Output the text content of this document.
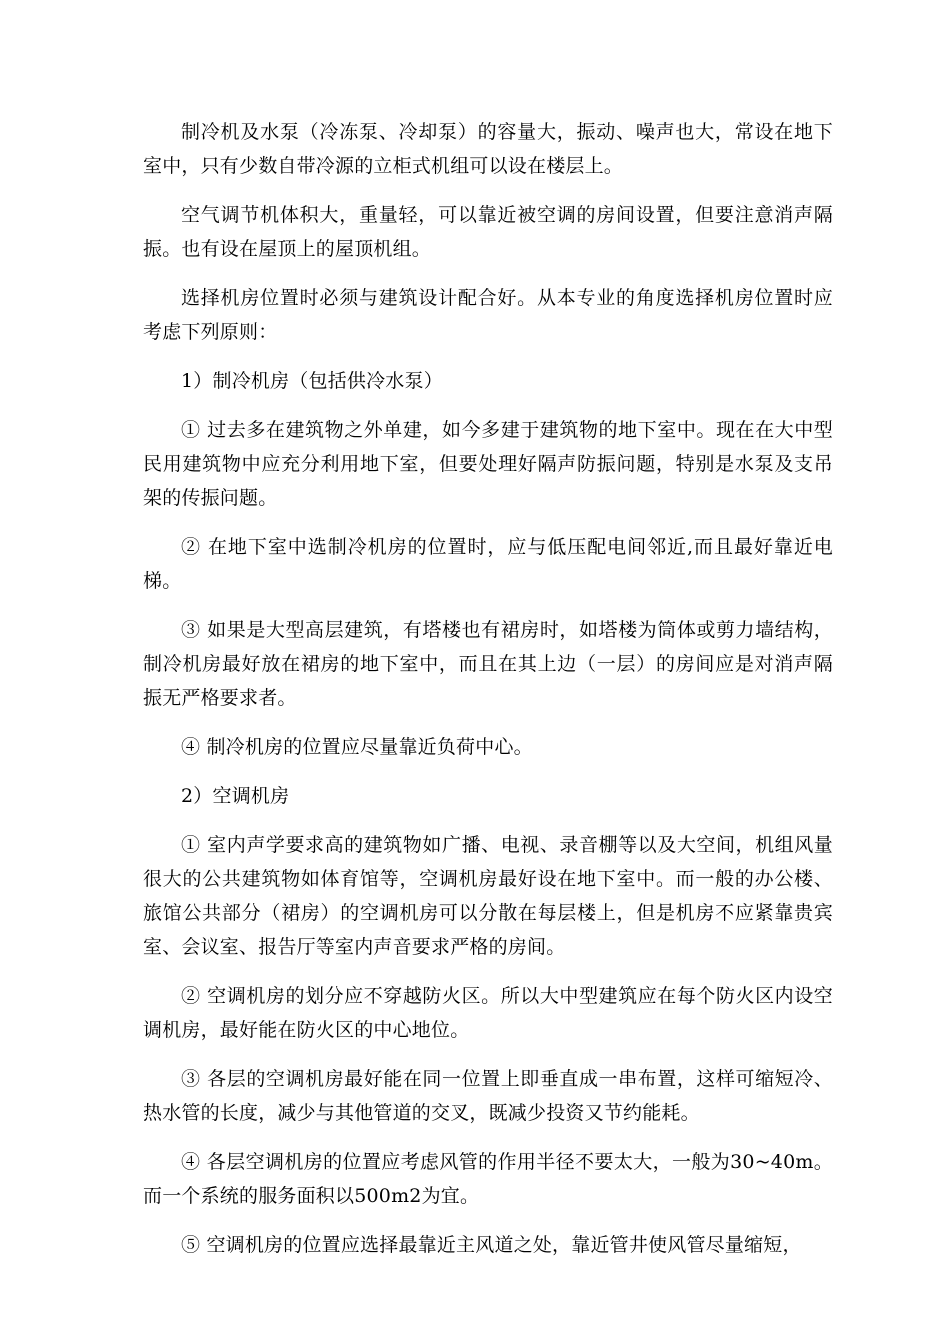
制冷机及水泵（冷冻泵、冷却泵）的容量大，振动、噪声也大，常设在地下室中，只有少数自带冷源的立柜式机组可以设在楼层上。

空气调节机体积大，重量轻，可以靠近被空调的房间设置，但要注意消声隔振。也有设在屋顶上的屋顶机组。

选择机房位置时必须与建筑设计配合好。从本专业的角度选择机房位置时应考虑下列原则：

1）制冷机房（包括供冷水泵）

① 过去多在建筑物之外单建，如今多建于建筑物的地下室中。现在在大中型民用建筑物中应充分利用地下室，但要处理好隔声防振问题，特别是水泵及支吊架的传振问题。

② 在地下室中选制冷机房的位置时，应与低压配电间邻近,而且最好靠近电梯。

③ 如果是大型高层建筑，有塔楼也有裙房时，如塔楼为筒体或剪力墙结构，制冷机房最好放在裙房的地下室中，而且在其上边（一层）的房间应是对消声隔振无严格要求者。

④ 制冷机房的位置应尽量靠近负荷中心。

2）空调机房

① 室内声学要求高的建筑物如广播、电视、录音棚等以及大空间，机组风量很大的公共建筑物如体育馆等，空调机房最好设在地下室中。而一般的办公楼、旅馆公共部分（裙房）的空调机房可以分散在每层楼上，但是机房不应紧靠贵宾室、会议室、报告厅等室内声音要求严格的房间。

② 空调机房的划分应不穿越防火区。所以大中型建筑应在每个防火区内设空调机房，最好能在防火区的中心地位。

③ 各层的空调机房最好能在同一位置上即垂直成一串布置，这样可缩短冷、热水管的长度，减少与其他管道的交叉，既减少投资又节约能耗。

④ 各层空调机房的位置应考虑风管的作用半径不要太大，一般为30~40m。而一个系统的服务面积以500m2为宜。

⑤ 空调机房的位置应选择最靠近主风道之处，靠近管井使风管尽量缩短，
